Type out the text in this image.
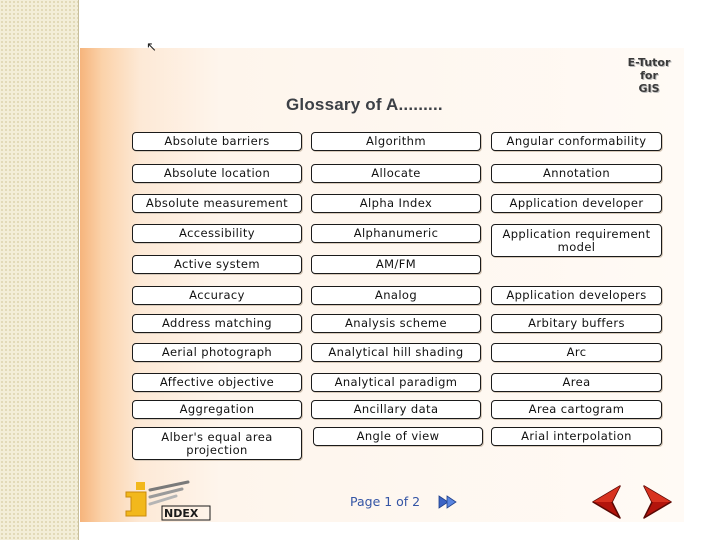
↖
E-Tutor
for
GIS
Glossary of A.........
Absolute barriers
Absolute location
Absolute measurement
Accessibility
Active system
Accuracy
Address matching
Aerial photograph
Affective objective
Aggregation
Alber's equal area projection
Algorithm
Allocate
Alpha Index
Alphanumeric
AM/FM
Analog
Analysis scheme
Analytical hill shading
Analytical paradigm
Ancillary data
Angle of view
Angular conformability
Annotation
Application developer
Application requirement model
Application developers
Arbitary buffers
Arc
Area
Area cartogram
Arial interpolation
NDEX
Page 1 of 2
